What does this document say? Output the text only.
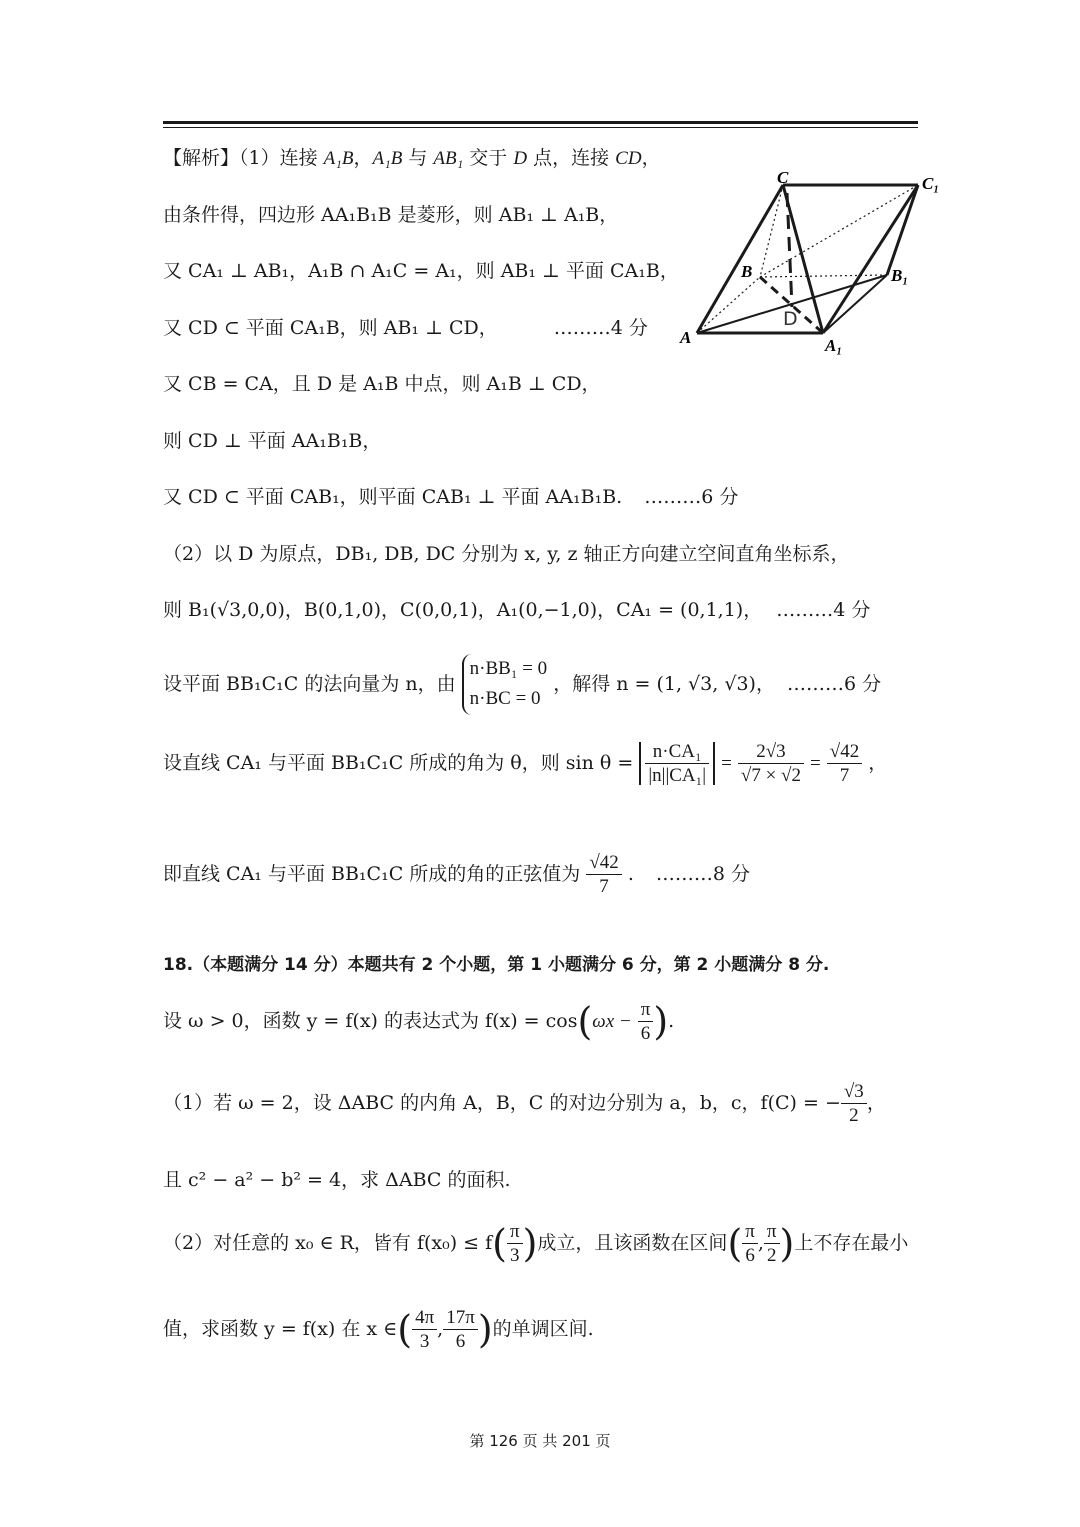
【解析】（1）连接 A₁B，A₁B 与 AB₁ 交于 D 点，连接 CD，
由条件得，四边形 AA₁B₁B 是菱形，则 AB₁ ⊥ A₁B，
又 CA₁ ⊥ AB₁，A₁B ∩ A₁C = A₁，则 AB₁ ⊥ 平面 CA₁B，
又 CD ⊂ 平面 CA₁B，则 AB₁ ⊥ CD，	………4 分
又 CB = CA，且 D 是 A₁B 中点，则 A₁B ⊥ CD，
则 CD ⊥ 平面 AA₁B₁B，
又 CD ⊂ 平面 CAB₁，则平面 CAB₁ ⊥ 平面 AA₁B₁B. ………6 分
C	C₁
B	B₁
A	A₁
D
（2）以 D 为原点，DB₁, DB, DC 分别为 x, y, z 轴正方向建立空间直角坐标系，
则 B₁(√3,0,0)，B(0,1,0)，C(0,0,1)，A₁(0,−1,0)，CA₁ = (0,1,1)， ………4 分
设平面 BB₁C₁C 的法向量为 n，由 n·BB₁ = 0
n·BC = 0 ，解得 n = (1, √3, √3)， ………6 分
设直线 CA₁ 与平面 BB₁C₁C 所成的角为 θ，则 $\sin \theta = \frac{\text{n·CA₁}}{\text{|n||CA₁|}} = \frac{2√3}{√7 \times √2} = \frac{√42}{7}$ ，
即直线 CA₁ 与平面 BB₁C₁C 所成的角的正弦值为 $\frac{√42}{7}$ . ………8 分
18.（本题满分 14 分）本题共有 2 个小题，第 1 小题满分 6 分，第 2 小题满分 8 分.
设 ω > 0，函数 y = f(x) 的表达式为 $f(x) = \cos(\omega x - \frac{\pi}{6}$ ).
（1）若 ω = 2，设 ΔABC 的内角 A，B，C 的对边分别为 a，b，c，f(C) = − $\frac{√3}{2}$ ，
且 c² − a² − b² = 4，求 ΔABC 的面积.
（2）对任意的 x₀ ∈ R，皆有 $f(x_0) \le f( \frac{\pi}{3}$ )成立，且该函数在区间( $\frac{\pi}{6}$ , $\frac{\pi}{2}$ )上不存在最小
值，求函数 y = f(x) 在 x ∈( $\frac{4\pi}{3}$ , $\frac{17\pi}{6}$ )的单调区间.
第 126 页 共 201 页
